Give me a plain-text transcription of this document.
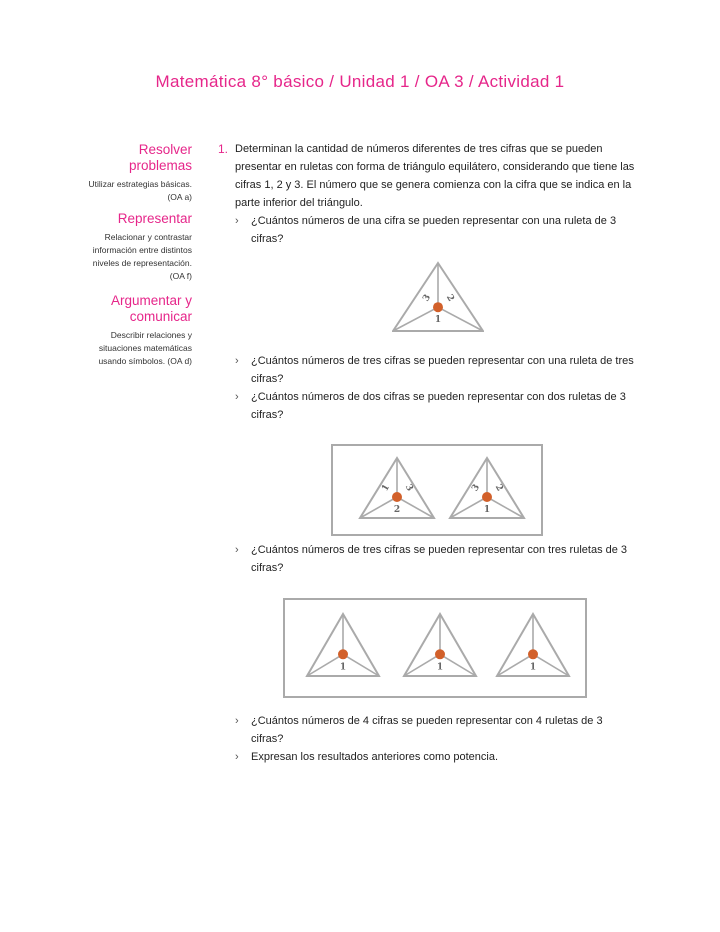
Matemática 8° básico / Unidad 1 / OA 3 / Actividad 1
Resolver problemas

Utilizar estrategias básicas. (OA a)

Representar

Relacionar y contrastar información entre distintos niveles de representación. (OA f)

Argumentar y comunicar

Describir relaciones y situaciones matemáticas usando símbolos. (OA d)

1. Determinan la cantidad de números diferentes de tres cifras que se pueden presentar en ruletas con forma de triángulo equilátero, considerando que tiene las cifras 1, 2 y 3. El número que se genera comienza con la cifra que se indica en la parte inferior del triángulo.
› ¿Cuántos números de una cifra se pueden representar con una ruleta de 3 cifras?
› ¿Cuántos números de tres cifras se pueden representar con una ruleta de tres cifras?
› ¿Cuántos números de dos cifras se pueden representar con dos ruletas de 3 cifras?
› ¿Cuántos números de tres cifras se pueden representar con tres ruletas de 3 cifras?
› ¿Cuántos números de 4 cifras se pueden representar con 4 ruletas de 3 cifras?
› Expresan los resultados anteriores como potencia.
3 2
1
1 3
2
3 2
1
1	1	1
